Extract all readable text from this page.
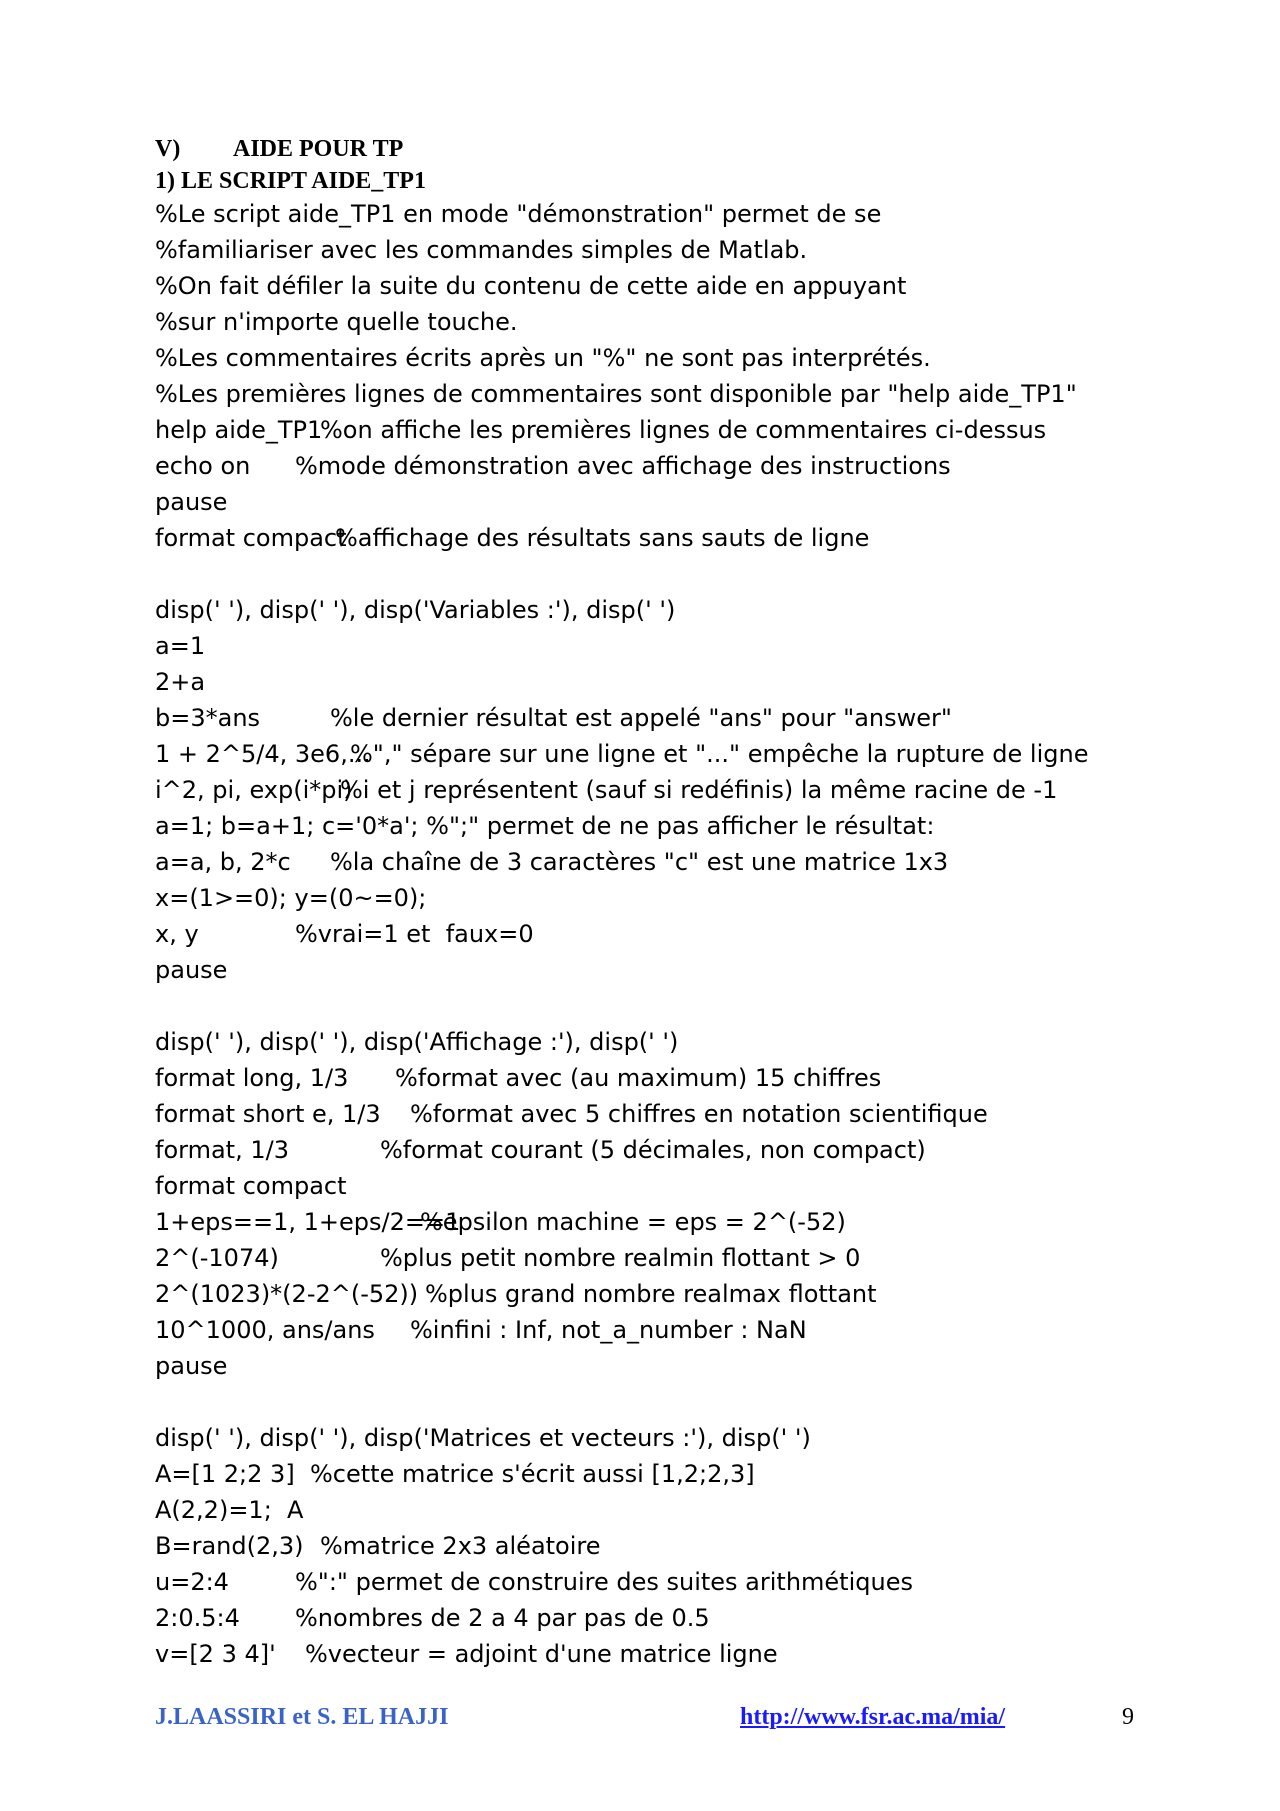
V) AIDE POUR TP
1) LE SCRIPT AIDE_TP1
%Le script aide_TP1 en mode "démonstration" permet de se
%familiariser avec les commandes simples de Matlab.
%On fait défiler la suite du contenu de cette aide en appuyant
%sur n'importe quelle touche.
%Les commentaires écrits après un "%" ne sont pas interprétés.
%Les premières lignes de commentaires sont disponible par "help aide_TP1"
help aide_TP1%on affiche les premières lignes de commentaires ci-dessus
echo on %mode démonstration avec affichage des instructions
pause
format compact%affichage des résultats sans sauts de ligne
disp(' '), disp(' '), disp('Variables :'), disp(' ')
a=1
2+a
b=3*ans	%le dernier résultat est appelé "ans" pour "answer"
1 + 2^5/4, 3e6,...%"," sépare sur une ligne et "..." empêche la rupture de ligne
i^2, pi, exp(i*pi)%i et j représentent (sauf si redéfinis) la même racine de -1
a=1; b=a+1; c='0*a'; %";" permet de ne pas afficher le résultat:
a=a, b, 2*c %la chaîne de 3 caractères "c" est une matrice 1x3
x=(1>=0); y=(0~=0);
x, y	%vrai=1 et  faux=0
pause
disp(' '), disp(' '), disp('Affichage :'), disp(' ')
format long, 1/3 %format avec (au maximum) 15 chiffres
format short e, 1/3 %format avec 5 chiffres en notation scientifique
format, 1/3	%format courant (5 décimales, non compact)
format compact
1+eps==1, 1+eps/2==1%epsilon machine = eps = 2^(-52)
2^(-1074)	%plus petit nombre realmin flottant > 0
2^(1023)*(2-2^(-52)) %plus grand nombre realmax flottant
10^1000, ans/ans %infini : Inf, not_a_number : NaN
pause
disp(' '), disp(' '), disp('Matrices et vecteurs :'), disp(' ')
A=[1 2;2 3] %cette matrice s'écrit aussi [1,2;2,3]
A(2,2)=1;  A
B=rand(2,3) %matrice 2x3 aléatoire
u=2:4	%":" permet de construire des suites arithmétiques
2:0.5:4 %nombres de 2 a 4 par pas de 0.5
v=[2 3 4]' %vecteur = adjoint d'une matrice ligne
J.LAASSIRI et S. EL HAJJI	http://www.fsr.ac.ma/mia/	9
